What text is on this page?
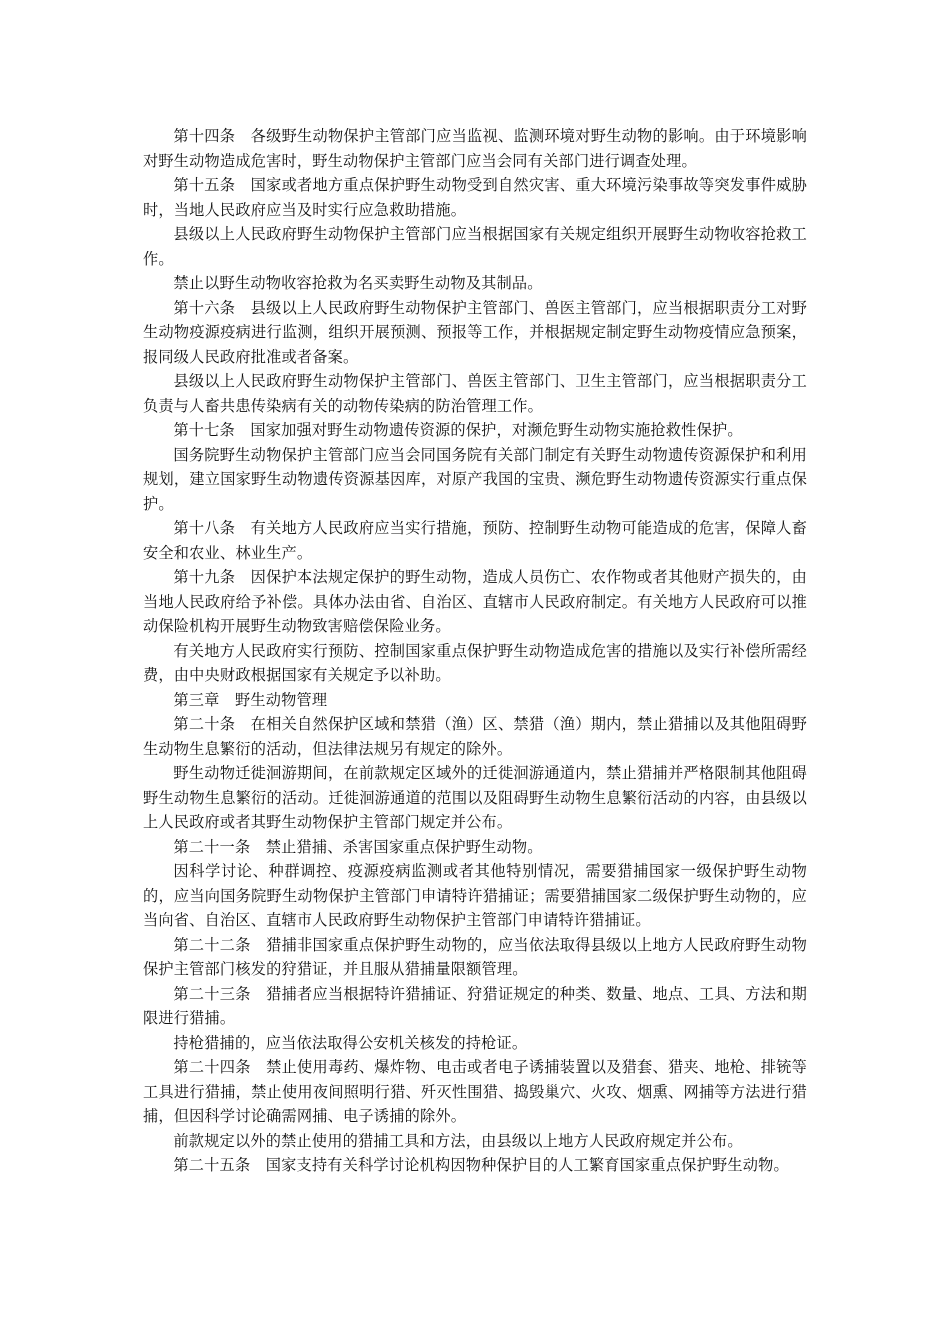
第十四条　各级野生动物保护主管部门应当监视、监测环境对野生动物的影响。由于环境影响对野生动物造成危害时，野生动物保护主管部门应当会同有关部门进行调查处理。

第十五条　国家或者地方重点保护野生动物受到自然灾害、重大环境污染事故等突发事件威胁时，当地人民政府应当及时实行应急救助措施。

县级以上人民政府野生动物保护主管部门应当根据国家有关规定组织开展野生动物收容抢救工作。

禁止以野生动物收容抢救为名买卖野生动物及其制品。

第十六条　县级以上人民政府野生动物保护主管部门、兽医主管部门，应当根据职责分工对野生动物疫源疫病进行监测，组织开展预测、预报等工作，并根据规定制定野生动物疫情应急预案，报同级人民政府批准或者备案。

县级以上人民政府野生动物保护主管部门、兽医主管部门、卫生主管部门，应当根据职责分工负责与人畜共患传染病有关的动物传染病的防治管理工作。

第十七条　国家加强对野生动物遗传资源的保护，对濒危野生动物实施抢救性保护。

国务院野生动物保护主管部门应当会同国务院有关部门制定有关野生动物遗传资源保护和利用规划，建立国家野生动物遗传资源基因库，对原产我国的宝贵、濒危野生动物遗传资源实行重点保护。

第十八条　有关地方人民政府应当实行措施，预防、控制野生动物可能造成的危害，保障人畜安全和农业、林业生产。

第十九条　因保护本法规定保护的野生动物，造成人员伤亡、农作物或者其他财产损失的，由当地人民政府给予补偿。具体办法由省、自治区、直辖市人民政府制定。有关地方人民政府可以推动保险机构开展野生动物致害赔偿保险业务。

有关地方人民政府实行预防、控制国家重点保护野生动物造成危害的措施以及实行补偿所需经费，由中央财政根据国家有关规定予以补助。

第三章　野生动物管理

第二十条　在相关自然保护区域和禁猎（渔）区、禁猎（渔）期内，禁止猎捕以及其他阻碍野生动物生息繁衍的活动，但法律法规另有规定的除外。

野生动物迁徙洄游期间，在前款规定区域外的迁徙洄游通道内，禁止猎捕并严格限制其他阻碍野生动物生息繁衍的活动。迁徙洄游通道的范围以及阻碍野生动物生息繁衍活动的内容，由县级以上人民政府或者其野生动物保护主管部门规定并公布。

第二十一条　禁止猎捕、杀害国家重点保护野生动物。

因科学讨论、种群调控、疫源疫病监测或者其他特别情况，需要猎捕国家一级保护野生动物的，应当向国务院野生动物保护主管部门申请特许猎捕证；需要猎捕国家二级保护野生动物的，应当向省、自治区、直辖市人民政府野生动物保护主管部门申请特许猎捕证。

第二十二条　猎捕非国家重点保护野生动物的，应当依法取得县级以上地方人民政府野生动物保护主管部门核发的狩猎证，并且服从猎捕量限额管理。

第二十三条　猎捕者应当根据特许猎捕证、狩猎证规定的种类、数量、地点、工具、方法和期限进行猎捕。

持枪猎捕的，应当依法取得公安机关核发的持枪证。

第二十四条　禁止使用毒药、爆炸物、电击或者电子诱捕装置以及猎套、猎夹、地枪、排铳等工具进行猎捕，禁止使用夜间照明行猎、歼灭性围猎、捣毁巢穴、火攻、烟熏、网捕等方法进行猎捕，但因科学讨论确需网捕、电子诱捕的除外。

前款规定以外的禁止使用的猎捕工具和方法，由县级以上地方人民政府规定并公布。

第二十五条　国家支持有关科学讨论机构因物种保护目的人工繁育国家重点保护野生动物。
